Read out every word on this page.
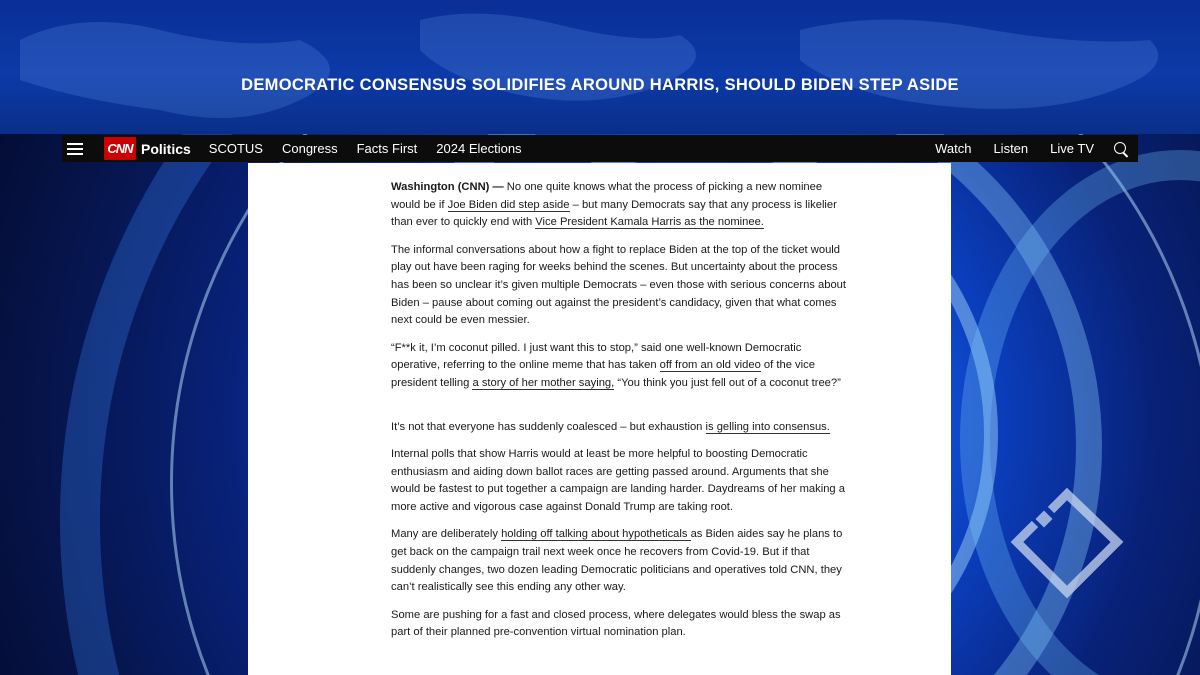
DEMOCRATIC CONSENSUS SOLIDIFIES AROUND HARRIS, SHOULD BIDEN STEP ASIDE
CNN Politics SCOTUS Congress Facts First 2024 Elections	Watch Listen Live TV

Washington (CNN) — No one quite knows what the process of picking a new nominee would be if Joe Biden did step aside – but many Democrats say that any process is likelier than ever to quickly end with Vice President Kamala Harris as the nominee.

The informal conversations about how a fight to replace Biden at the top of the ticket would play out have been raging for weeks behind the scenes. But uncertainty about the process has been so unclear it’s given multiple Democrats – even those with serious concerns about Biden – pause about coming out against the president’s candidacy, given that what comes next could be even messier.

“F**k it, I’m coconut pilled. I just want this to stop,” said one well-known Democratic operative, referring to the online meme that has taken off from an old video of the vice president telling a story of her mother saying, “You think you just fell out of a coconut tree?”

It’s not that everyone has suddenly coalesced – but exhaustion is gelling into consensus.

Internal polls that show Harris would at least be more helpful to boosting Democratic enthusiasm and aiding down ballot races are getting passed around. Arguments that she would be fastest to put together a campaign are landing harder. Daydreams of her making a more active and vigorous case against Donald Trump are taking root.

Many are deliberately holding off talking about hypotheticals as Biden aides say he plans to get back on the campaign trail next week once he recovers from Covid-19. But if that suddenly changes, two dozen leading Democratic politicians and operatives told CNN, they can’t realistically see this ending any other way.

Some are pushing for a fast and closed process, where delegates would bless the swap as part of their planned pre-convention virtual nomination plan.
